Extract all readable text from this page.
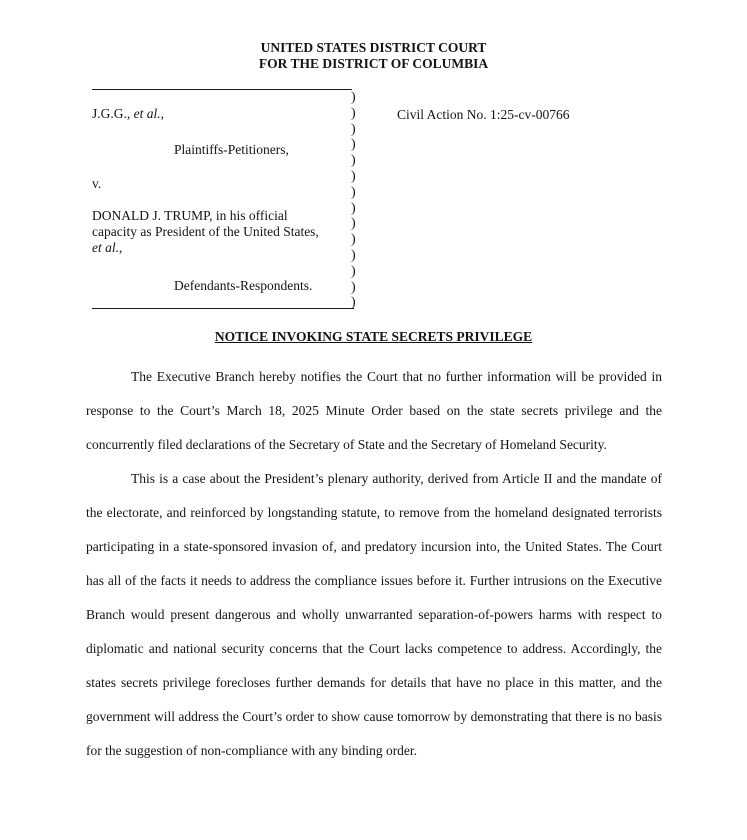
UNITED STATES DISTRICT COURT
FOR THE DISTRICT OF COLUMBIA
)
)
)
)
)
)
)
)
)
)
)
)
)
)
J.G.G., et al.,
Plaintiffs-Petitioners,
v.
DONALD J. TRUMP, in his official
capacity as President of the United States,
et al.,
Defendants-Respondents.
Civil Action No. 1:25-cv-00766
NOTICE INVOKING STATE SECRETS PRIVILEGE

The Executive Branch hereby notifies the Court that no further information will be provided in response to the Court’s March 18, 2025 Minute Order based on the state secrets privilege and the concurrently filed declarations of the Secretary of State and the Secretary of Homeland Security.

This is a case about the President’s plenary authority, derived from Article II and the mandate of the electorate, and reinforced by longstanding statute, to remove from the homeland designated terrorists participating in a state-sponsored invasion of, and predatory incursion into, the United States. The Court has all of the facts it needs to address the compliance issues before it. Further intrusions on the Executive Branch would present dangerous and wholly unwarranted separation-of-powers harms with respect to diplomatic and national security concerns that the Court lacks competence to address. Accordingly, the states secrets privilege forecloses further demands for details that have no place in this matter, and the government will address the Court’s order to show cause tomorrow by demonstrating that there is no basis for the suggestion of non-compliance with any binding order.
